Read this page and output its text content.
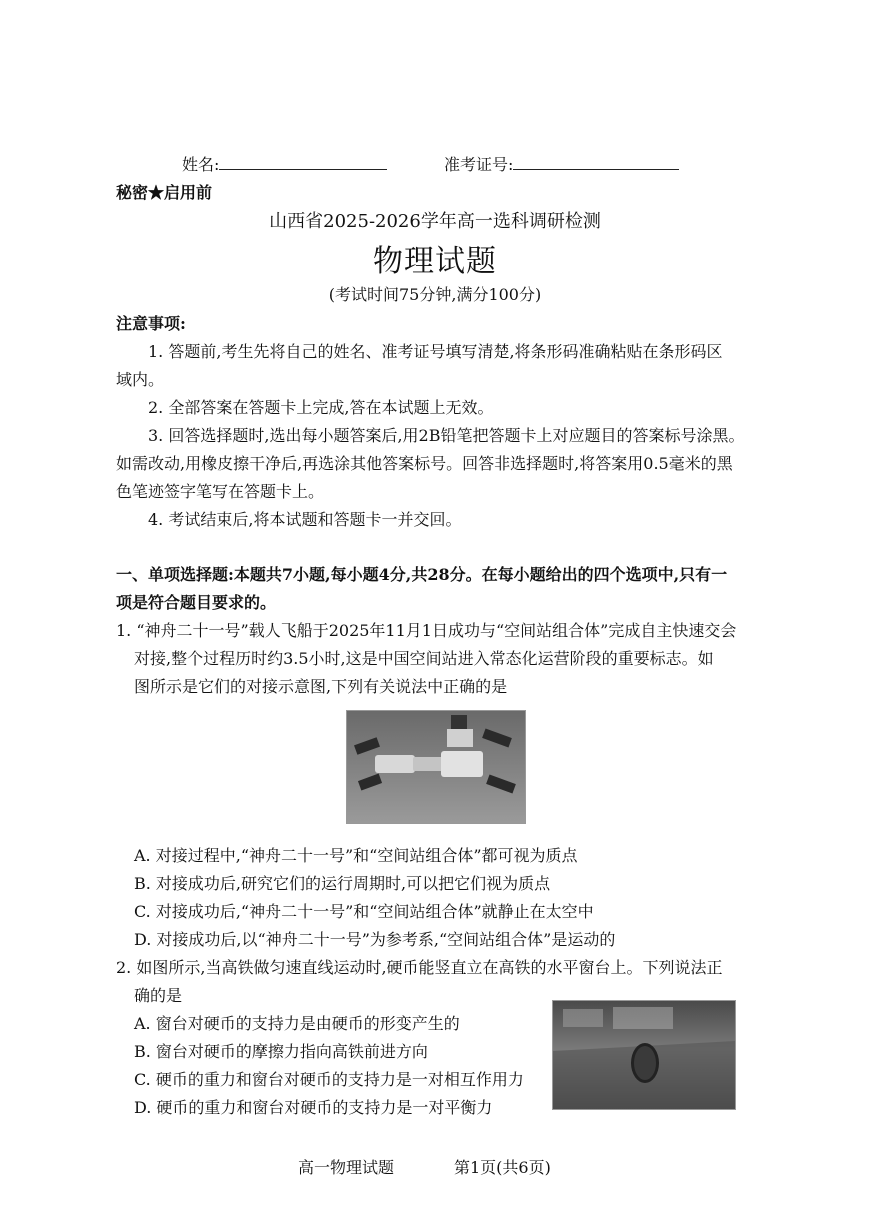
姓名:	准考证号:
秘密★启用前
山西省2025-2026学年高一选科调研检测
物理试题
(考试时间75分钟,满分100分)
注意事项:
1. 答题前,考生先将自己的姓名、准考证号填写清楚,将条形码准确粘贴在条形码区
域内。
2. 全部答案在答题卡上完成,答在本试题上无效。
3. 回答选择题时,选出每小题答案后,用2B铅笔把答题卡上对应题目的答案标号涂黑。
如需改动,用橡皮擦干净后,再选涂其他答案标号。回答非选择题时,将答案用0.5毫米的黑
色笔迹签字笔写在答题卡上。
4. 考试结束后,将本试题和答题卡一并交回。
一、单项选择题:本题共7小题,每小题4分,共28分。在每小题给出的四个选项中,只有一
项是符合题目要求的。
1. “神舟二十一号”载人飞船于2025年11月1日成功与“空间站组合体”完成自主快速交会
对接,整个过程历时约3.5小时,这是中国空间站进入常态化运营阶段的重要标志。如
图所示是它们的对接示意图,下列有关说法中正确的是
A. 对接过程中,“神舟二十一号”和“空间站组合体”都可视为质点
B. 对接成功后,研究它们的运行周期时,可以把它们视为质点
C. 对接成功后,“神舟二十一号”和“空间站组合体”就静止在太空中
D. 对接成功后,以“神舟二十一号”为参考系,“空间站组合体”是运动的
2. 如图所示,当高铁做匀速直线运动时,硬币能竖直立在高铁的水平窗台上。下列说法正
确的是
A. 窗台对硬币的支持力是由硬币的形变产生的
B. 窗台对硬币的摩擦力指向高铁前进方向
C. 硬币的重力和窗台对硬币的支持力是一对相互作用力
D. 硬币的重力和窗台对硬币的支持力是一对平衡力
高一物理试题	第1页(共6页)
